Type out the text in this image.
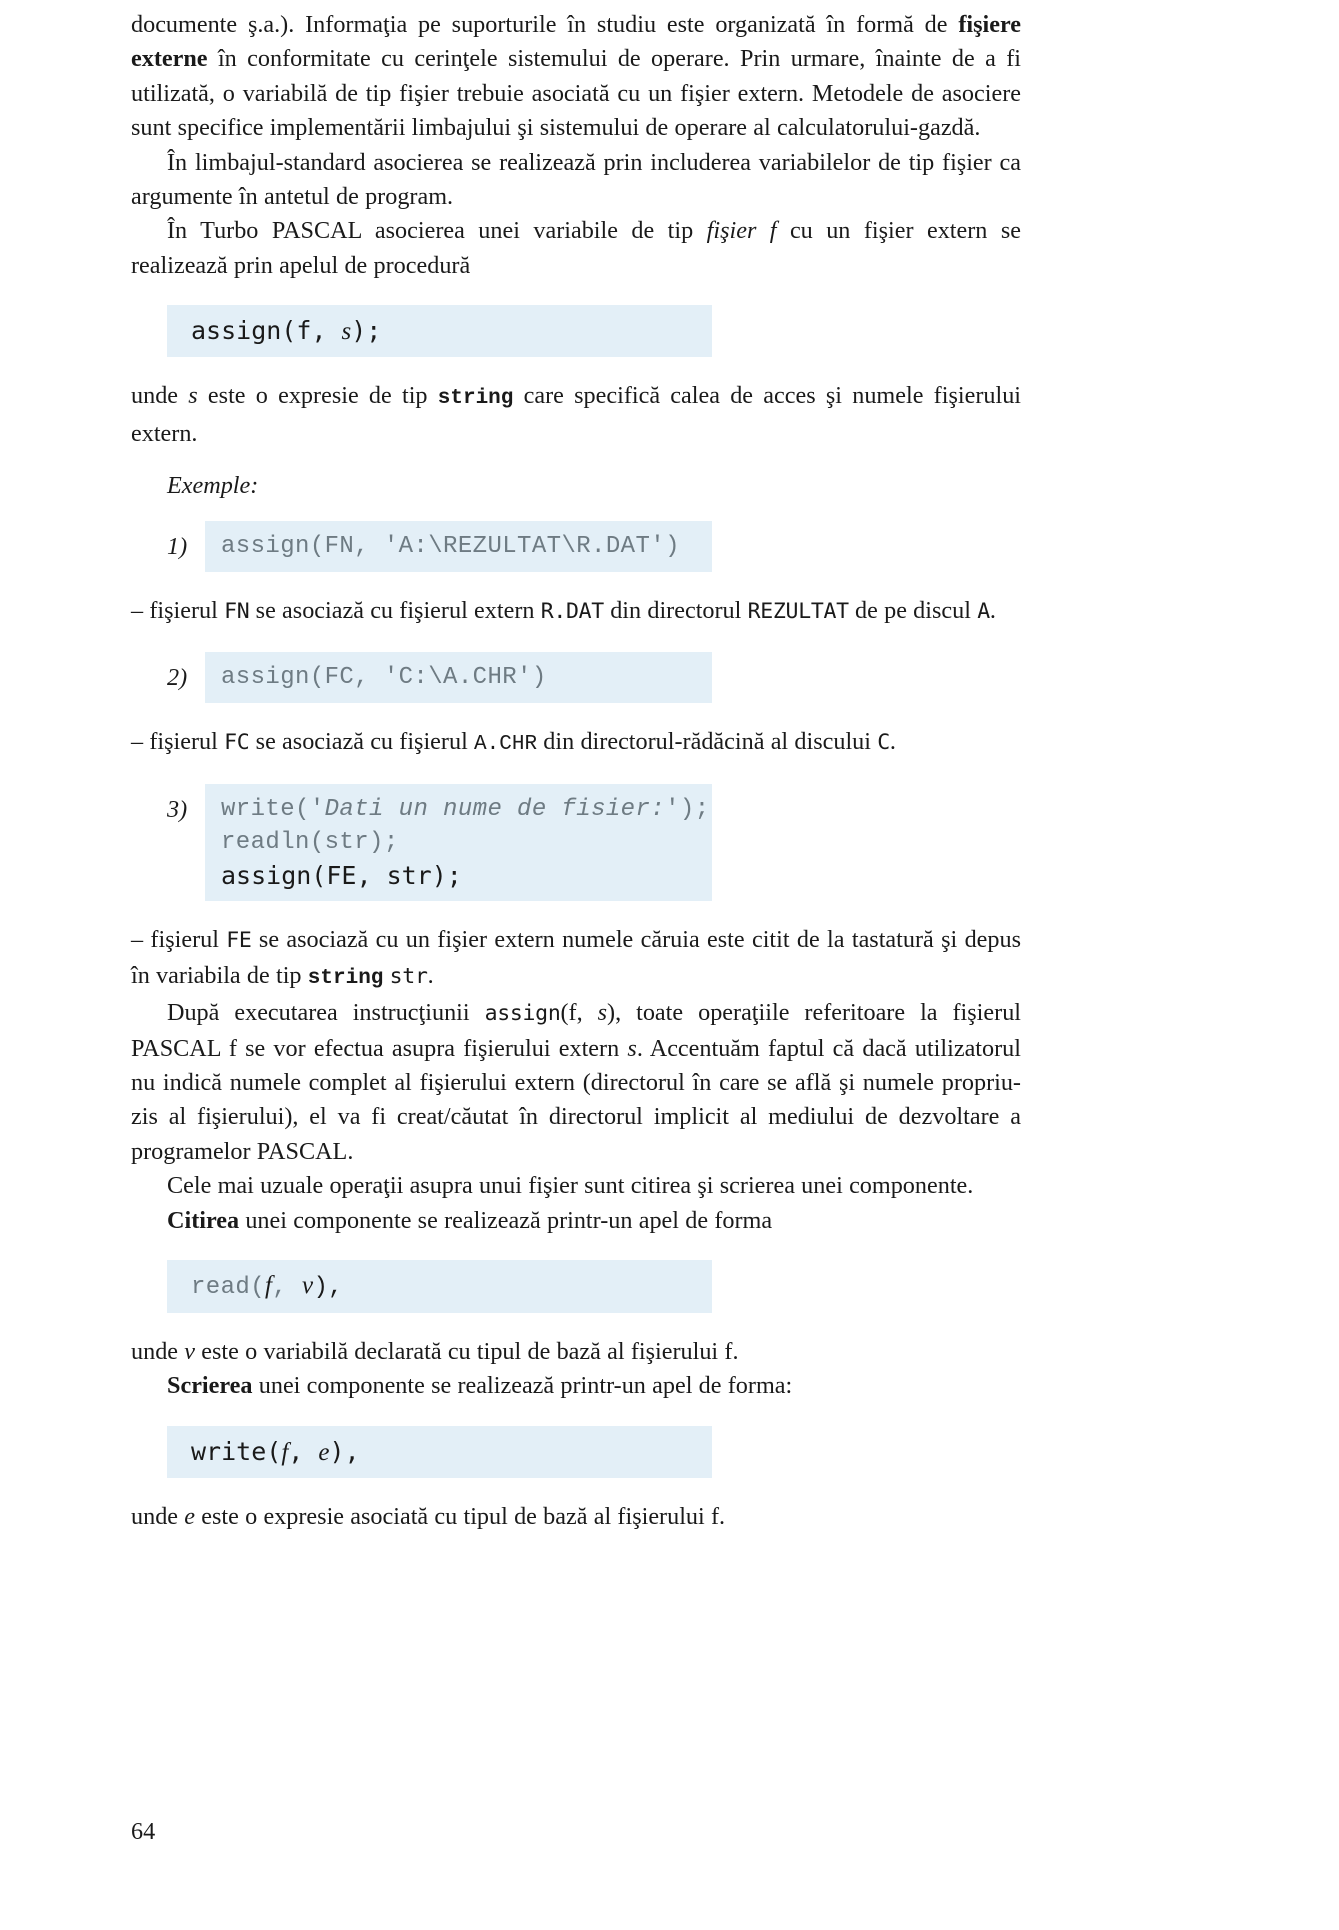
documente ş.a.). Informaţia pe suporturile în studiu este organizată în formă de fişiere externe în conformitate cu cerinţele sistemului de operare. Prin urmare, înainte de a fi utilizată, o variabilă de tip fişier trebuie asociată cu un fişier extern. Metodele de asociere sunt specifice implementării limbajului şi sistemului de operare al calculatorului-gazdă.

În limbajul-standard asocierea se realizează prin includerea variabilelor de tip fişier ca argumente în antetul de program.

În Turbo PASCAL asocierea unei variabile de tip fişier f cu un fişier extern se realizează prin apelul de procedură

assign(f, s);

unde s este o expresie de tip string care specifică calea de acces şi numele fişierului extern.

Exemple:

1)	assign(FN, 'A:\REZULTAT\R.DAT')

– fişierul FN se asociază cu fişierul extern R.DAT din directorul REZULTAT de pe discul A.

2)	assign(FC, 'C:\A.CHR')

– fişierul FC se asociază cu fişierul A.CHR din directorul-rădăcină al discului C.

3)	write('Dati un nume de fisier:');
readln(str);
assign(FE, str);

– fişierul FE se asociază cu un fişier extern numele căruia este citit de la tastatură şi depus în variabila de tip string str.

După executarea instrucţiunii assign(f, s), toate operaţiile referitoare la fişierul PASCAL f se vor efectua asupra fişierului extern s. Accentuăm faptul că dacă utilizatorul nu indică numele complet al fişierului extern (directorul în care se află şi numele propriu-zis al fişierului), el va fi creat/căutat în directorul implicit al mediului de dezvoltare a programelor PASCAL.

Cele mai uzuale operaţii asupra unui fişier sunt citirea şi scrierea unei componente.

Citirea unei componente se realizează printr-un apel de forma

read(f, v),

unde v este o variabilă declarată cu tipul de bază al fişierului f.

Scrierea unei componente se realizează printr-un apel de forma:

write(f, e),

unde e este o expresie asociată cu tipul de bază al fişierului f.

64
